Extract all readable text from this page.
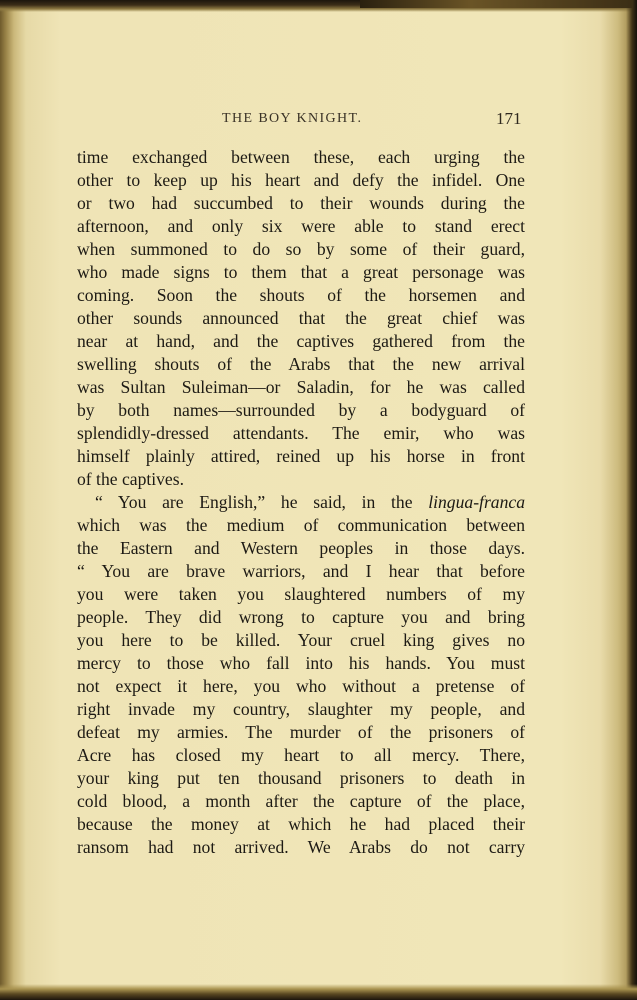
THE BOY KNIGHT.	171
time exchanged between these, each urging the
other to keep up his heart and defy the infidel. One
or two had succumbed to their wounds during the
afternoon, and only six were able to stand erect
when summoned to do so by some of their guard,
who made signs to them that a great personage was
coming. Soon the shouts of the horsemen and
other sounds announced that the great chief was
near at hand, and the captives gathered from the
swelling shouts of the Arabs that the new arrival
was Sultan Suleiman—or Saladin, for he was called
by both names—surrounded by a bodyguard of
splendidly-dressed attendants. The emir, who was
himself plainly attired, reined up his horse in front
of the captives.
“ You are English,” he said, in the lingua-franca
which was the medium of communication between
the Eastern and Western peoples in those days.
“ You are brave warriors, and I hear that before
you were taken you slaughtered numbers of my
people. They did wrong to capture you and bring
you here to be killed. Your cruel king gives no
mercy to those who fall into his hands. You must
not expect it here, you who without a pretense of
right invade my country, slaughter my people, and
defeat my armies. The murder of the prisoners of
Acre has closed my heart to all mercy. There,
your king put ten thousand prisoners to death in
cold blood, a month after the capture of the place,
because the money at which he had placed their
ransom had not arrived. We Arabs do not carry
